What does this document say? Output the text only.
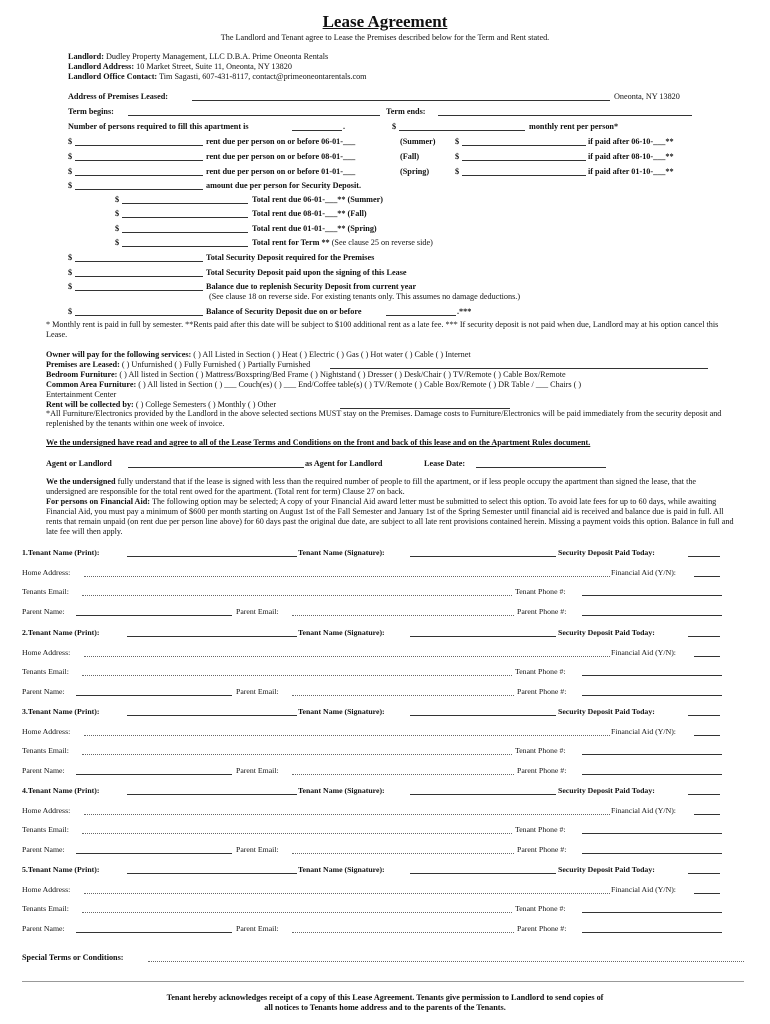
Lease Agreement
The Landlord and Tenant agree to Lease the Premises described below for the Term and Rent stated.
Landlord: Dudley Property Management, LLC D.B.A. Prime Oneonta Rentals
Landlord Address: 10 Market Street, Suite 11, Oneonta, NY 13820
Landlord Office Contact: Tim Sagasti, 607-431-8117, contact@primeoneontarentals.com
Address of Premises Leased:	Oneonta, NY 13820
Term begins:	Term ends:
Number of persons required to fill this apartment is	.	$	monthly rent per person*
$	rent due per person on or before 06-01-___	(Summer) $	if paid after 06-10-___**
$	rent due per person on or before 08-01-___	(Fall)	$	if paid after 08-10-___**
$	rent due per person on or before 01-01-___	(Spring)	$	if paid after 01-10-___**
$	amount due per person for Security Deposit.
$	Total rent due 06-01-___** (Summer)
$	Total rent due 08-01-___** (Fall)
$	Total rent due 01-01-___** (Spring)
$	Total rent for Term ** (See clause 25 on reverse side)
$	Total Security Deposit required for the Premises
$	Total Security Deposit paid upon the signing of this Lease
$	Balance due to replenish Security Deposit from current year
(See clause 18 on reverse side. For existing tenants only. This assumes no damage deductions.)
$	Balance of Security Deposit due on or before	.***
* Monthly rent is paid in full by semester. **Rents paid after this date will be subject to $100 additional rent as a late fee. *** If security deposit is not paid when due, Landlord may at his option cancel this Lease.
Owner will pay for the following services: ( ) All Listed in Section ( ) Heat ( ) Electric ( ) Gas ( ) Hot water ( ) Cable ( ) Internet
Premises are Leased: ( ) Unfurnished ( ) Fully Furnished ( ) Partially Furnished
Bedroom Furniture: ( ) All listed in Section ( ) Mattress/Boxspring/Bed Frame ( ) Nightstand ( ) Dresser ( ) Desk/Chair ( ) TV/Remote ( ) Cable Box/Remote
Common Area Furniture: ( ) All listed in Section ( ) ___ Couch(es) ( ) ___ End/Coffee table(s) ( ) TV/Remote ( ) Cable Box/Remote ( ) DR Table / ___ Chairs ( )
Entertainment Center
Rent will be collected by: ( ) College Semesters ( ) Monthly ( ) Other
*All Furniture/Electronics provided by the Landlord in the above selected sections MUST stay on the Premises. Damage costs to Furniture/Electronics will be paid immediately from the security deposit and replenished by the tenants within one week of invoice.
We the undersigned have read and agree to all of the Lease Terms and Conditions on the front and back of this lease and on the Apartment Rules document.
Agent or Landlord	as Agent for Landlord	Lease Date:
We the undersigned fully understand that if the lease is signed with less than the required number of people to fill the apartment, or if less people occupy the apartment than signed the lease, that the undersigned are responsible for the total rent owed for the apartment. (Total rent for term) Clause 27 on back.
For persons on Financial Aid: The following option may be selected; A copy of your Financial Aid award letter must be submitted to select this option. To avoid late fees for up to 60 days, while awaiting Financial Aid, you must pay a minimum of $600 per month starting on August 1st of the Fall Semester and January 1st of the Spring Semester until financial aid is received and balance due is paid in full. All rents that remain unpaid (on rent due per person line above) for 60 days past the original due date, are subject to all late rent provisions contained herein. Missing a payment voids this option. Balance in full and late fee will then apply.
1.Tenant Name (Print):	Tenant Name (Signature):	Security Deposit Paid Today:
Home Address:	Financial Aid (Y/N):
Tenants Email:	Tenant Phone #:
Parent Name:	Parent Email:	Parent Phone #:
2.Tenant Name (Print):	Tenant Name (Signature):	Security Deposit Paid Today:
Home Address:	Financial Aid (Y/N):
Tenants Email:	Tenant Phone #:
Parent Name:	Parent Email:	Parent Phone #:
3.Tenant Name (Print):	Tenant Name (Signature):	Security Deposit Paid Today:
Home Address:	Financial Aid (Y/N):
Tenants Email:	Tenant Phone #:
Parent Name:	Parent Email:	Parent Phone #:
4.Tenant Name (Print):	Tenant Name (Signature):	Security Deposit Paid Today:
Home Address:	Financial Aid (Y/N):
Tenants Email:	Tenant Phone #:
Parent Name:	Parent Email:	Parent Phone #:
5.Tenant Name (Print):	Tenant Name (Signature):	Security Deposit Paid Today:
Home Address:	Financial Aid (Y/N):
Tenants Email:	Tenant Phone #:
Parent Name:	Parent Email:	Parent Phone #:
Special Terms or Conditions:
Tenant hereby acknowledges receipt of a copy of this Lease Agreement. Tenants give permission to Landlord to send copies of
all notices to Tenants home address and to the parents of the Tenants.
